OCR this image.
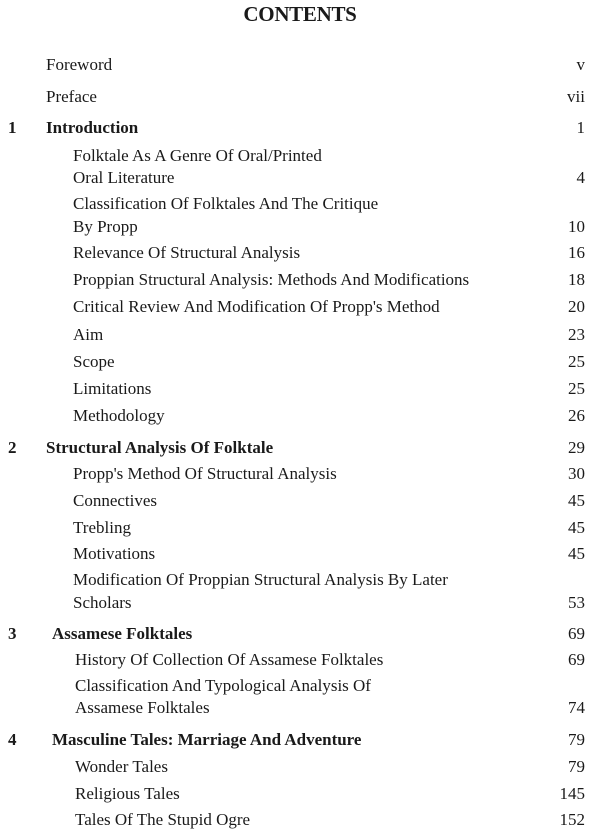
CONTENTS
Foreword	v
Preface	vii
1 Introduction	1
Folktale As A Genre Of Oral/Printed
Oral Literature	4
Classification Of Folktales And The Critique
By Propp	10
Relevance Of Structural Analysis	16
Proppian Structural Analysis: Methods And Modifications	18
Critical Review And Modification Of Propp's Method	20
Aim	23
Scope	25
Limitations	25
Methodology	26
2 Structural Analysis Of Folktale	29
Propp's Method Of Structural Analysis	30
Connectives	45
Trebling	45
Motivations	45
Modification Of Proppian Structural Analysis By Later
Scholars	53
3 Assamese Folktales	69
History Of Collection Of Assamese Folktales	69
Classification And Typological Analysis Of
Assamese Folktales	74
4 Masculine Tales: Marriage And Adventure	79
Wonder Tales	79
Religious Tales	145
Tales Of The Stupid Ogre	152
